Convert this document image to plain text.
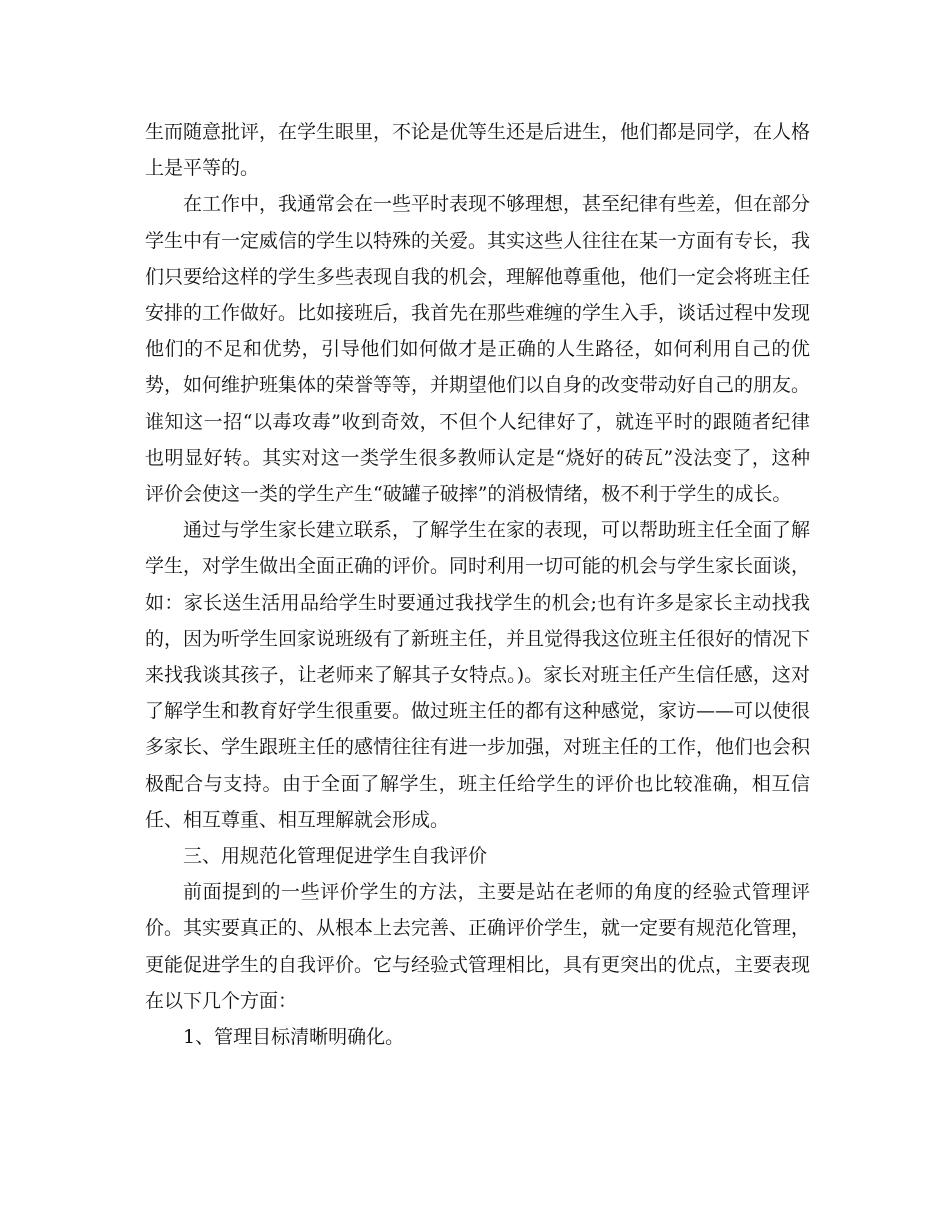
生而随意批评，在学生眼里，不论是优等生还是后进生，他们都是同学，在人格上是平等的。

在工作中，我通常会在一些平时表现不够理想，甚至纪律有些差，但在部分学生中有一定威信的学生以特殊的关爱。其实这些人往往在某一方面有专长，我们只要给这样的学生多些表现自我的机会，理解他尊重他，他们一定会将班主任安排的工作做好。比如接班后，我首先在那些难缠的学生入手，谈话过程中发现他们的不足和优势，引导他们如何做才是正确的人生路径，如何利用自己的优势，如何维护班集体的荣誉等等，并期望他们以自身的改变带动好自己的朋友。谁知这一招“以毒攻毒”收到奇效，不但个人纪律好了，就连平时的跟随者纪律也明显好转。其实对这一类学生很多教师认定是“烧好的砖瓦”没法变了，这种评价会使这一类的学生产生“破罐子破摔”的消极情绪，极不利于学生的成长。

通过与学生家长建立联系，了解学生在家的表现，可以帮助班主任全面了解学生，对学生做出全面正确的评价。同时利用一切可能的机会与学生家长面谈，如：家长送生活用品给学生时要通过我找学生的机会;也有许多是家长主动找我的，因为听学生回家说班级有了新班主任，并且觉得我这位班主任很好的情况下来找我谈其孩子，让老师来了解其子女特点。)。家长对班主任产生信任感，这对了解学生和教育好学生很重要。做过班主任的都有这种感觉，家访——可以使很多家长、学生跟班主任的感情往往有进一步加强，对班主任的工作，他们也会积极配合与支持。由于全面了解学生，班主任给学生的评价也比较准确，相互信任、相互尊重、相互理解就会形成。

三、用规范化管理促进学生自我评价

前面提到的一些评价学生的方法，主要是站在老师的角度的经验式管理评价。其实要真正的、从根本上去完善、正确评价学生，就一定要有规范化管理，更能促进学生的自我评价。它与经验式管理相比，具有更突出的优点，主要表现在以下几个方面：

1、管理目标清晰明确化。
